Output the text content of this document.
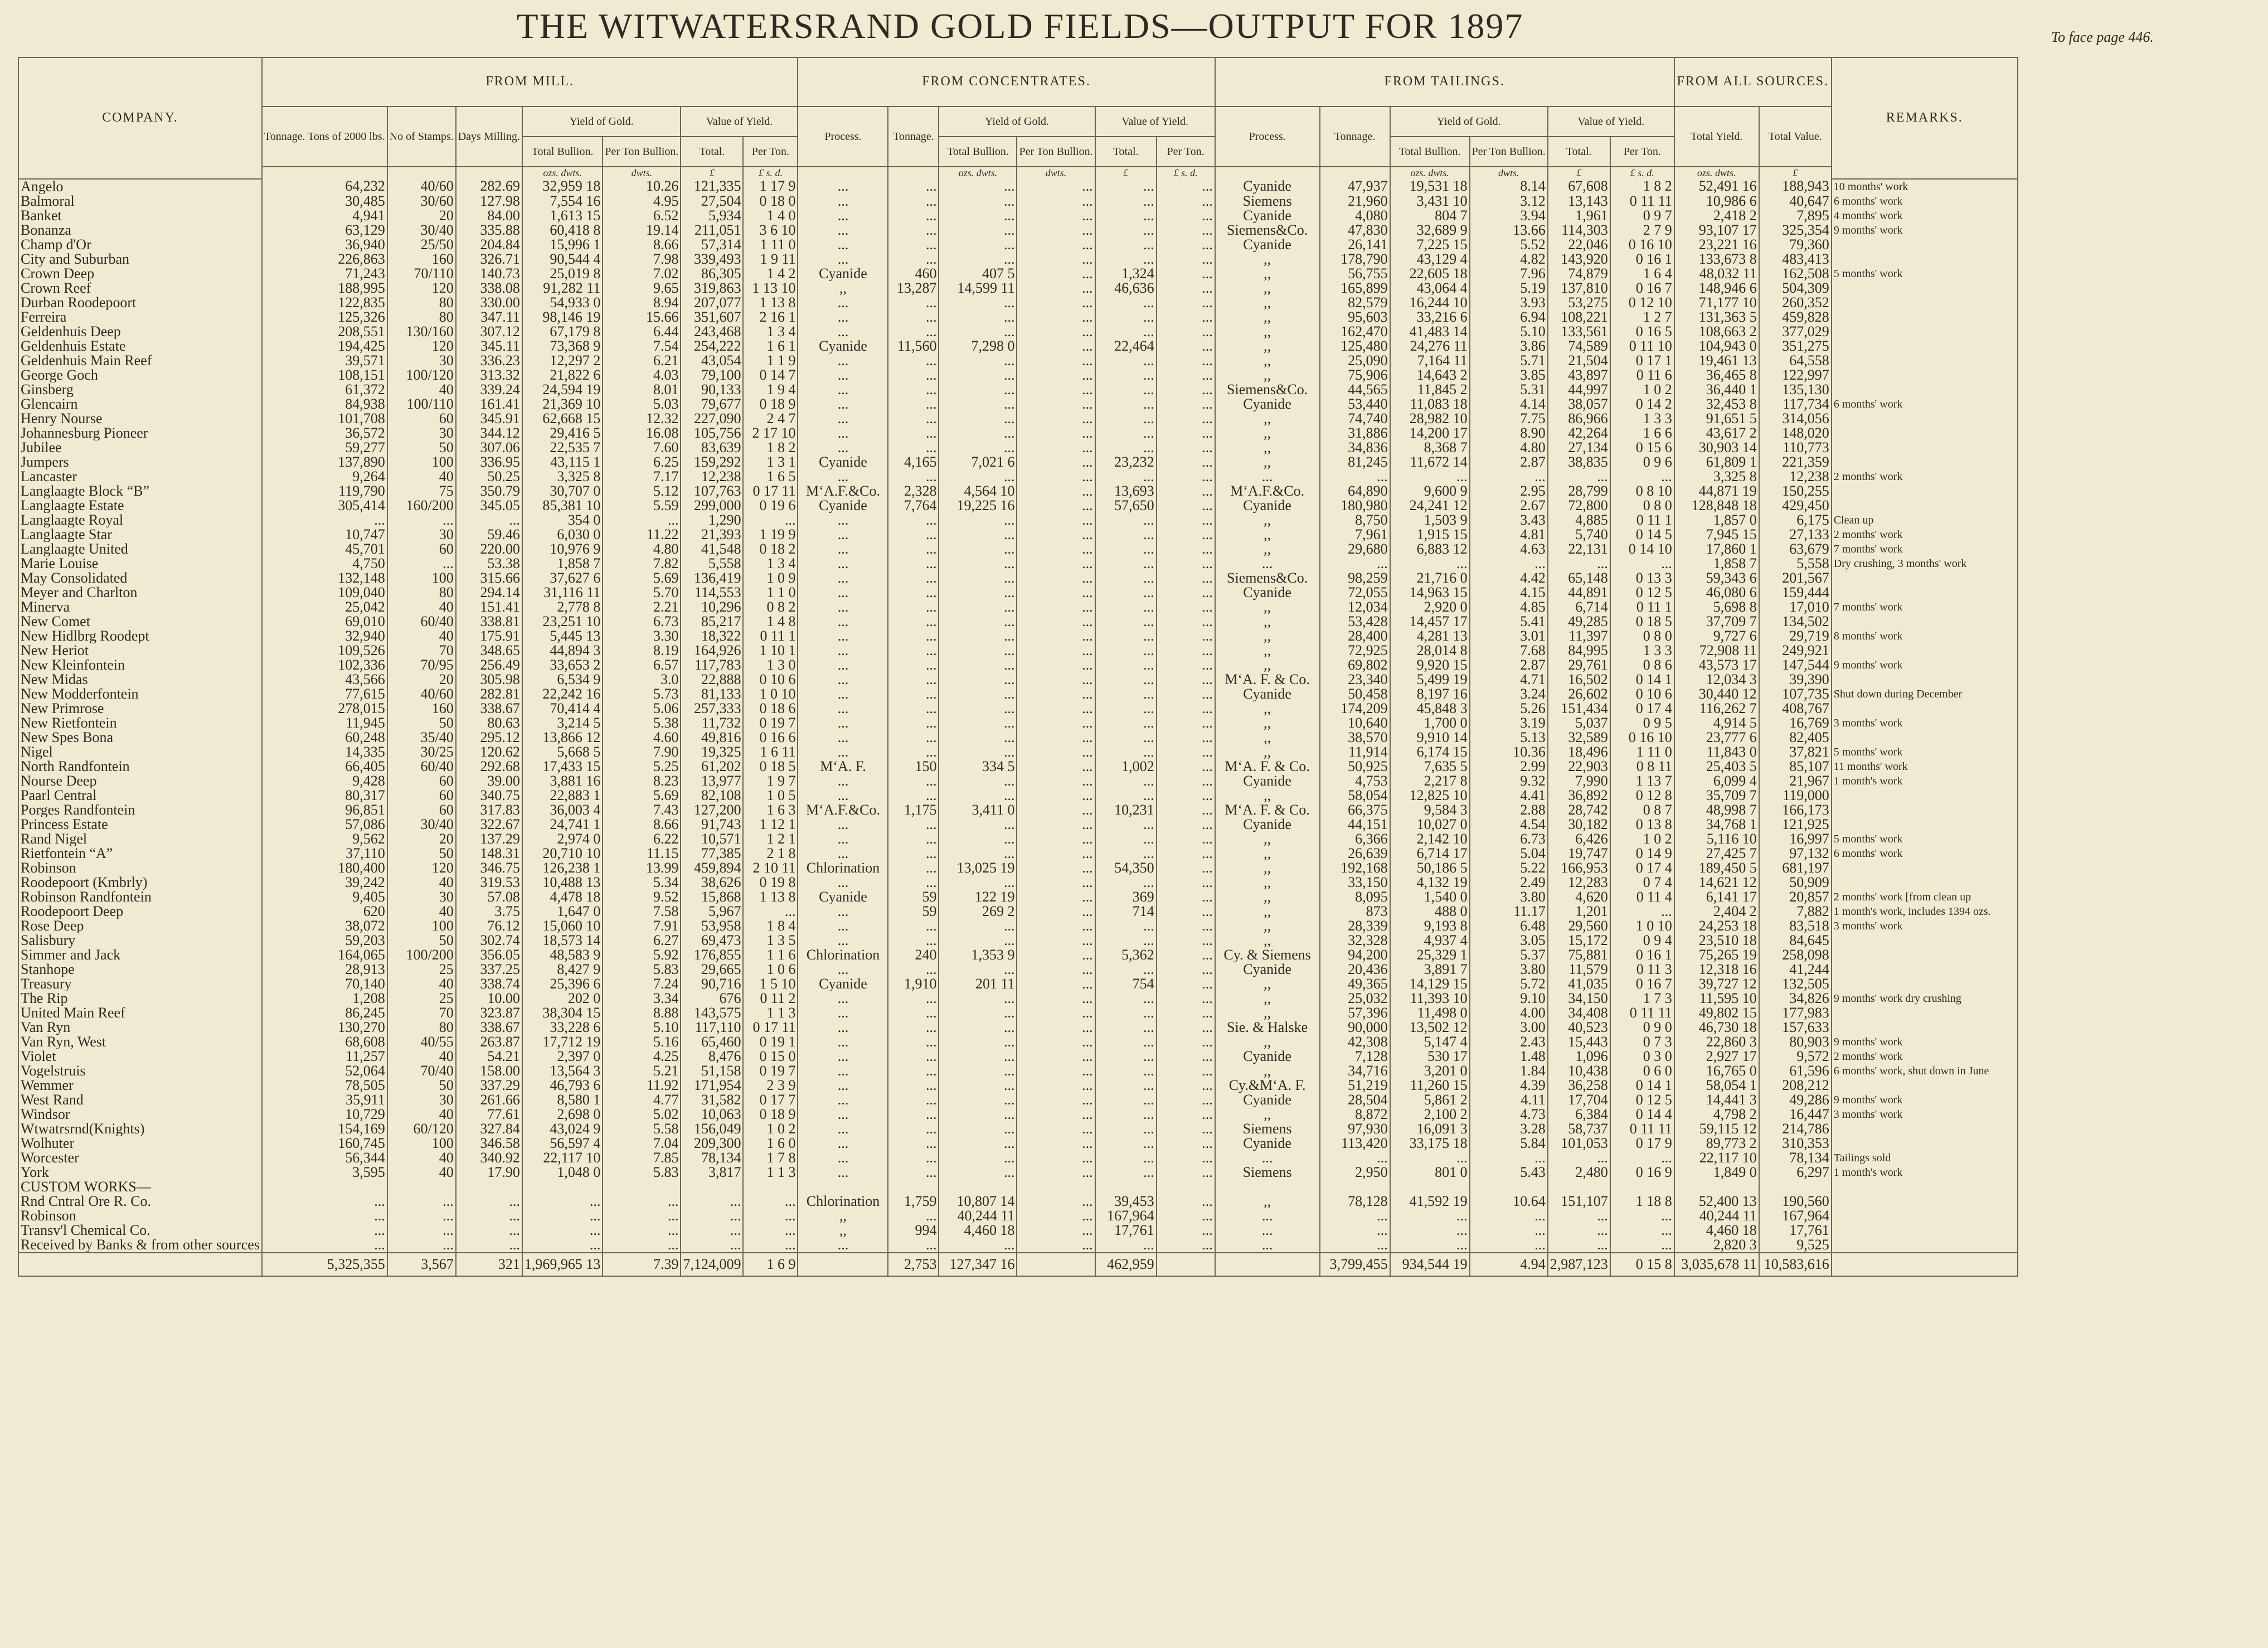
THE WITWATERSRAND GOLD FIELDS—OUTPUT FOR 1897	To face page 446.
COMPANY.	FROM MILL.							FROM CONCENTRATES.						FROM TAILINGS.						FROM ALL SOURCES.		REMARKS.
	Tonnage. Tons of 2000 lbs.	No of Stamps.	Days Milling.	Yield of Gold.		Value of Yield.		Process.	Tonnage.	Yield of Gold.		Value of Yield.		Process.	Tonnage.	Yield of Gold.		Value of Yield.		Total Yield.	Total Value.	
				Total Bullion.	Per Ton Bullion.	Total.	Per Ton.			Total Bullion.	Per Ton Bullion.	Total.	Per Ton.			Total Bullion.	Per Ton Bullion.	Total.	Per Ton.			
				ozs. dwts.	dwts.	£	£ s. d.			ozs. dwts.	dwts.	£	£ s. d.			ozs. dwts.	dwts.	£	£ s. d.	ozs. dwts.	£	
Angelo	64,232	40/60	282.69	32,959 18	10.26	121,335	1 17 9	...	...	...	...	...	...	Cyanide	47,937	19,531 18	8.14	67,608	1 8 2	52,491 16	188,943	10 months' work
Balmoral	30,485	30/60	127.98	7,554 16	4.95	27,504	0 18 0	...	...	...	...	...	...	Siemens	21,960	3,431 10	3.12	13,143	0 11 11	10,986 6	40,647	6 months' work
Banket	4,941	20	84.00	1,613 15	6.52	5,934	1 4 0	...	...	...	...	...	...	Cyanide	4,080	804 7	3.94	1,961	0 9 7	2,418 2	7,895	4 months' work
Bonanza	63,129	30/40	335.88	60,418 8	19.14	211,051	3 6 10	...	...	...	...	...	...	Siemens&Co.	47,830	32,689 9	13.66	114,303	2 7 9	93,107 17	325,354	9 months' work
Champ d'Or	36,940	25/50	204.84	15,996 1	8.66	57,314	1 11 0	...	...	...	...	...	...	Cyanide	26,141	7,225 15	5.52	22,046	0 16 10	23,221 16	79,360	
City and Suburban	226,863	160	326.71	90,544 4	7.98	339,493	1 9 11	...	...	...	...	...	...	,,	178,790	43,129 4	4.82	143,920	0 16 1	133,673 8	483,413	
Crown Deep	71,243	70/110	140.73	25,019 8	7.02	86,305	1 4 2	Cyanide	460	407 5	...	1,324	...	,,	56,755	22,605 18	7.96	74,879	1 6 4	48,032 11	162,508	5 months' work
Crown Reef	188,995	120	338.08	91,282 11	9.65	319,863	1 13 10	,,	13,287	14,599 11	...	46,636	...	,,	165,899	43,064 4	5.19	137,810	0 16 7	148,946 6	504,309	
Durban Roodepoort	122,835	80	330.00	54,933 0	8.94	207,077	1 13 8	...	...	...	...	...	...	,,	82,579	16,244 10	3.93	53,275	0 12 10	71,177 10	260,352	
Ferreira	125,326	80	347.11	98,146 19	15.66	351,607	2 16 1	...	...	...	...	...	...	,,	95,603	33,216 6	6.94	108,221	1 2 7	131,363 5	459,828	
Geldenhuis Deep	208,551	130/160	307.12	67,179 8	6.44	243,468	1 3 4	...	...	...	...	...	...	,,	162,470	41,483 14	5.10	133,561	0 16 5	108,663 2	377,029	
Geldenhuis Estate	194,425	120	345.11	73,368 9	7.54	254,222	1 6 1	Cyanide	11,560	7,298 0	...	22,464	...	,,	125,480	24,276 11	3.86	74,589	0 11 10	104,943 0	351,275	
Geldenhuis Main Reef	39,571	30	336.23	12,297 2	6.21	43,054	1 1 9	...	...	...	...	...	...	,,	25,090	7,164 11	5.71	21,504	0 17 1	19,461 13	64,558	
George Goch	108,151	100/120	313.32	21,822 6	4.03	79,100	0 14 7	...	...	...	...	...	...	,,	75,906	14,643 2	3.85	43,897	0 11 6	36,465 8	122,997	
Ginsberg	61,372	40	339.24	24,594 19	8.01	90,133	1 9 4	...	...	...	...	...	...	Siemens&Co.	44,565	11,845 2	5.31	44,997	1 0 2	36,440 1	135,130	
Glencairn	84,938	100/110	161.41	21,369 10	5.03	79,677	0 18 9	...	...	...	...	...	...	Cyanide	53,440	11,083 18	4.14	38,057	0 14 2	32,453 8	117,734	6 months' work
Henry Nourse	101,708	60	345.91	62,668 15	12.32	227,090	2 4 7	...	...	...	...	...	...	,,	74,740	28,982 10	7.75	86,966	1 3 3	91,651 5	314,056	
Johannesburg Pioneer	36,572	30	344.12	29,416 5	16.08	105,756	2 17 10	...	...	...	...	...	...	,,	31,886	14,200 17	8.90	42,264	1 6 6	43,617 2	148,020	
Jubilee	59,277	50	307.06	22,535 7	7.60	83,639	1 8 2	...	...	...	...	...	...	,,	34,836	8,368 7	4.80	27,134	0 15 6	30,903 14	110,773	
Jumpers	137,890	100	336.95	43,115 1	6.25	159,292	1 3 1	Cyanide	4,165	7,021 6	...	23,232	...	,,	81,245	11,672 14	2.87	38,835	0 9 6	61,809 1	221,359	
Lancaster	9,264	40	50.25	3,325 8	7.17	12,238	1 6 5	...	...	...	...	...	...	...	...	...	...	...	...	3,325 8	12,238	2 months' work
Langlaagte Block “B”	119,790	75	350.79	30,707 0	5.12	107,763	0 17 11	M‘A.F.&Co.	2,328	4,564 10	...	13,693	...	M‘A.F.&Co.	64,890	9,600 9	2.95	28,799	0 8 10	44,871 19	150,255	
Langlaagte Estate	305,414	160/200	345.05	85,381 10	5.59	299,000	0 19 6	Cyanide	7,764	19,225 16	...	57,650	...	Cyanide	180,980	24,241 12	2.67	72,800	0 8 0	128,848 18	429,450	
Langlaagte Royal	...	...	...	354 0	...	1,290	...	...	...	...	...	...	...	,,	8,750	1,503 9	3.43	4,885	0 11 1	1,857 0	6,175	Clean up
Langlaagte Star	10,747	30	59.46	6,030 0	11.22	21,393	1 19 9	...	...	...	...	...	...	,,	7,961	1,915 15	4.81	5,740	0 14 5	7,945 15	27,133	2 months' work
Langlaagte United	45,701	60	220.00	10,976 9	4.80	41,548	0 18 2	...	...	...	...	...	...	,,	29,680	6,883 12	4.63	22,131	0 14 10	17,860 1	63,679	7 months' work
Marie Louise	4,750	...	53.38	1,858 7	7.82	5,558	1 3 4	...	...	...	...	...	...	...	...	...	...	...	...	1,858 7	5,558	Dry crushing, 3 months' work
May Consolidated	132,148	100	315.66	37,627 6	5.69	136,419	1 0 9	...	...	...	...	...	...	Siemens&Co.	98,259	21,716 0	4.42	65,148	0 13 3	59,343 6	201,567	
Meyer and Charlton	109,040	80	294.14	31,116 11	5.70	114,553	1 1 0	...	...	...	...	...	...	Cyanide	72,055	14,963 15	4.15	44,891	0 12 5	46,080 6	159,444	
Minerva	25,042	40	151.41	2,778 8	2.21	10,296	0 8 2	...	...	...	...	...	...	,,	12,034	2,920 0	4.85	6,714	0 11 1	5,698 8	17,010	7 months' work
New Comet	69,010	60/40	338.81	23,251 10	6.73	85,217	1 4 8	...	...	...	...	...	...	,,	53,428	14,457 17	5.41	49,285	0 18 5	37,709 7	134,502	
New Hidlbrg Roodept	32,940	40	175.91	5,445 13	3.30	18,322	0 11 1	...	...	...	...	...	...	,,	28,400	4,281 13	3.01	11,397	0 8 0	9,727 6	29,719	8 months' work
New Heriot	109,526	70	348.65	44,894 3	8.19	164,926	1 10 1	...	...	...	...	...	...	,,	72,925	28,014 8	7.68	84,995	1 3 3	72,908 11	249,921	
New Kleinfontein	102,336	70/95	256.49	33,653 2	6.57	117,783	1 3 0	...	...	...	...	...	...	,,	69,802	9,920 15	2.87	29,761	0 8 6	43,573 17	147,544	9 months' work
New Midas	43,566	20	305.98	6,534 9	3.0	22,888	0 10 6	...	...	...	...	...	...	M‘A. F. & Co.	23,340	5,499 19	4.71	16,502	0 14 1	12,034 3	39,390	
New Modderfontein	77,615	40/60	282.81	22,242 16	5.73	81,133	1 0 10	...	...	...	...	...	...	Cyanide	50,458	8,197 16	3.24	26,602	0 10 6	30,440 12	107,735	Shut down during December
New Primrose	278,015	160	338.67	70,414 4	5.06	257,333	0 18 6	...	...	...	...	...	...	,,	174,209	45,848 3	5.26	151,434	0 17 4	116,262 7	408,767	
New Rietfontein	11,945	50	80.63	3,214 5	5.38	11,732	0 19 7	...	...	...	...	...	...	,,	10,640	1,700 0	3.19	5,037	0 9 5	4,914 5	16,769	3 months' work
New Spes Bona	60,248	35/40	295.12	13,866 12	4.60	49,816	0 16 6	...	...	...	...	...	...	,,	38,570	9,910 14	5.13	32,589	0 16 10	23,777 6	82,405	
Nigel	14,335	30/25	120.62	5,668 5	7.90	19,325	1 6 11	...	...	...	...	...	...	,,	11,914	6,174 15	10.36	18,496	1 11 0	11,843 0	37,821	5 months' work
North Randfontein	66,405	60/40	292.68	17,433 15	5.25	61,202	0 18 5	M‘A. F.	150	334 5	...	1,002	...	M‘A. F. & Co.	50,925	7,635 5	2.99	22,903	0 8 11	25,403 5	85,107	11 months' work
Nourse Deep	9,428	60	39.00	3,881 16	8.23	13,977	1 9 7	...	...	...	...	...	...	Cyanide	4,753	2,217 8	9.32	7,990	1 13 7	6,099 4	21,967	1 month's work
Paarl Central	80,317	60	340.75	22,883 1	5.69	82,108	1 0 5	...	...	...	...	...	...	,,	58,054	12,825 10	4.41	36,892	0 12 8	35,709 7	119,000	
Porges Randfontein	96,851	60	317.83	36,003 4	7.43	127,200	1 6 3	M‘A.F.&Co.	1,175	3,411 0	...	10,231	...	M‘A. F. & Co.	66,375	9,584 3	2.88	28,742	0 8 7	48,998 7	166,173	
Princess Estate	57,086	30/40	322.67	24,741 1	8.66	91,743	1 12 1	...	...	...	...	...	...	Cyanide	44,151	10,027 0	4.54	30,182	0 13 8	34,768 1	121,925	
Rand Nigel	9,562	20	137.29	2,974 0	6.22	10,571	1 2 1	...	...	...	...	...	...	,,	6,366	2,142 10	6.73	6,426	1 0 2	5,116 10	16,997	5 months' work
Rietfontein “A”	37,110	50	148.31	20,710 10	11.15	77,385	2 1 8	...	...	...	...	...	...	,,	26,639	6,714 17	5.04	19,747	0 14 9	27,425 7	97,132	6 months' work
Robinson	180,400	120	346.75	126,238 1	13.99	459,894	2 10 11	Chlorination	...	13,025 19	...	54,350	...	,,	192,168	50,186 5	5.22	166,953	0 17 4	189,450 5	681,197	
Roodepoort (Kmbrly)	39,242	40	319.53	10,488 13	5.34	38,626	0 19 8	...	...	...	...	...	...	,,	33,150	4,132 19	2.49	12,283	0 7 4	14,621 12	50,909	
Robinson Randfontein	9,405	30	57.08	4,478 18	9.52	15,868	1 13 8	Cyanide	59	122 19	...	369	...	,,	8,095	1,540 0	3.80	4,620	0 11 4	6,141 17	20,857	2 months' work [from clean up
Roodepoort Deep	620	40	3.75	1,647 0	7.58	5,967	...	...	59	269 2	...	714	...	,,	873	488 0	11.17	1,201	...	2,404 2	7,882	1 month's work, includes 1394 ozs.
Rose Deep	38,072	100	76.12	15,060 10	7.91	53,958	1 8 4	...	...	...	...	...	...	,,	28,339	9,193 8	6.48	29,560	1 0 10	24,253 18	83,518	3 months' work
Salisbury	59,203	50	302.74	18,573 14	6.27	69,473	1 3 5	...	...	...	...	...	...	,,	32,328	4,937 4	3.05	15,172	0 9 4	23,510 18	84,645	
Simmer and Jack	164,065	100/200	356.05	48,583 9	5.92	176,855	1 1 6	Chlorination	240	1,353 9	...	5,362	...	Cy. & Siemens	94,200	25,329 1	5.37	75,881	0 16 1	75,265 19	258,098	
Stanhope	28,913	25	337.25	8,427 9	5.83	29,665	1 0 6	...	...	...	...	...	...	Cyanide	20,436	3,891 7	3.80	11,579	0 11 3	12,318 16	41,244	
Treasury	70,140	40	338.74	25,396 6	7.24	90,716	1 5 10	Cyanide	1,910	201 11	...	754	...	,,	49,365	14,129 15	5.72	41,035	0 16 7	39,727 12	132,505	
The Rip	1,208	25	10.00	202 0	3.34	676	0 11 2	...	...	...	...	...	...	,,	25,032	11,393 10	9.10	34,150	1 7 3	11,595 10	34,826	9 months' work dry crushing
United Main Reef	86,245	70	323.87	38,304 15	8.88	143,575	1 1 3	...	...	...	...	...	...	,,	57,396	11,498 0	4.00	34,408	0 11 11	49,802 15	177,983	
Van Ryn	130,270	80	338.67	33,228 6	5.10	117,110	0 17 11	...	...	...	...	...	...	Sie. & Halske	90,000	13,502 12	3.00	40,523	0 9 0	46,730 18	157,633	
Van Ryn, West	68,608	40/55	263.87	17,712 19	5.16	65,460	0 19 1	...	...	...	...	...	...	,,	42,308	5,147 4	2.43	15,443	0 7 3	22,860 3	80,903	9 months' work
Violet	11,257	40	54.21	2,397 0	4.25	8,476	0 15 0	...	...	...	...	...	...	Cyanide	7,128	530 17	1.48	1,096	0 3 0	2,927 17	9,572	2 months' work
Vogelstruis	52,064	70/40	158.00	13,564 3	5.21	51,158	0 19 7	...	...	...	...	...	...	,,	34,716	3,201 0	1.84	10,438	0 6 0	16,765 0	61,596	6 months' work, shut down in June
Wemmer	78,505	50	337.29	46,793 6	11.92	171,954	2 3 9	...	...	...	...	...	...	Cy.&M‘A. F.	51,219	11,260 15	4.39	36,258	0 14 1	58,054 1	208,212	
West Rand	35,911	30	261.66	8,580 1	4.77	31,582	0 17 7	...	...	...	...	...	...	Cyanide	28,504	5,861 2	4.11	17,704	0 12 5	14,441 3	49,286	9 months' work
Windsor	10,729	40	77.61	2,698 0	5.02	10,063	0 18 9	...	...	...	...	...	...	,,	8,872	2,100 2	4.73	6,384	0 14 4	4,798 2	16,447	3 months' work
Wtwatrsrnd(Knights)	154,169	60/120	327.84	43,024 9	5.58	156,049	1 0 2	...	...	...	...	...	...	Siemens	97,930	16,091 3	3.28	58,737	0 11 11	59,115 12	214,786	
Wolhuter	160,745	100	346.58	56,597 4	7.04	209,300	1 6 0	...	...	...	...	...	...	Cyanide	113,420	33,175 18	5.84	101,053	0 17 9	89,773 2	310,353	
Worcester	56,344	40	340.92	22,117 10	7.85	78,134	1 7 8	...	...	...	...	...	...	...	...	...	...	...	...	22,117 10	78,134	Tailings sold
York	3,595	40	17.90	1,048 0	5.83	3,817	1 1 3	...	...	...	...	...	...	Siemens	2,950	801 0	5.43	2,480	0 16 9	1,849 0	6,297	1 month's work
CUSTOM WORKS—																						
Rnd Cntral Ore R. Co.	...	...	...	...	...	...	...	Chlorination	1,759	10,807 14	...	39,453	...	,,	78,128	41,592 19	10.64	151,107	1 18 8	52,400 13	190,560	
Robinson	...	...	...	...	...	...	...	,,	...	40,244 11	...	167,964	...	...	...	...	...	...	...	40,244 11	167,964	
Transv'l Chemical Co.	...	...	...	...	...	...	...	,,	994	4,460 18	...	17,761	...	...	...	...	...	...	...	4,460 18	17,761	
Received by Banks & from other sources	...	...	...	...	...	...	...	...	...	...	...	...	...	...	...	...	...	...	...	2,820 3	9,525	
	5,325,355	3,567	321	1,969,965 13	7.39	7,124,009	1 6 9		2,753	127,347 16		462,959			3,799,455	934,544 19	4.94	2,987,123	0 15 8	3,035,678 11	10,583,616	
